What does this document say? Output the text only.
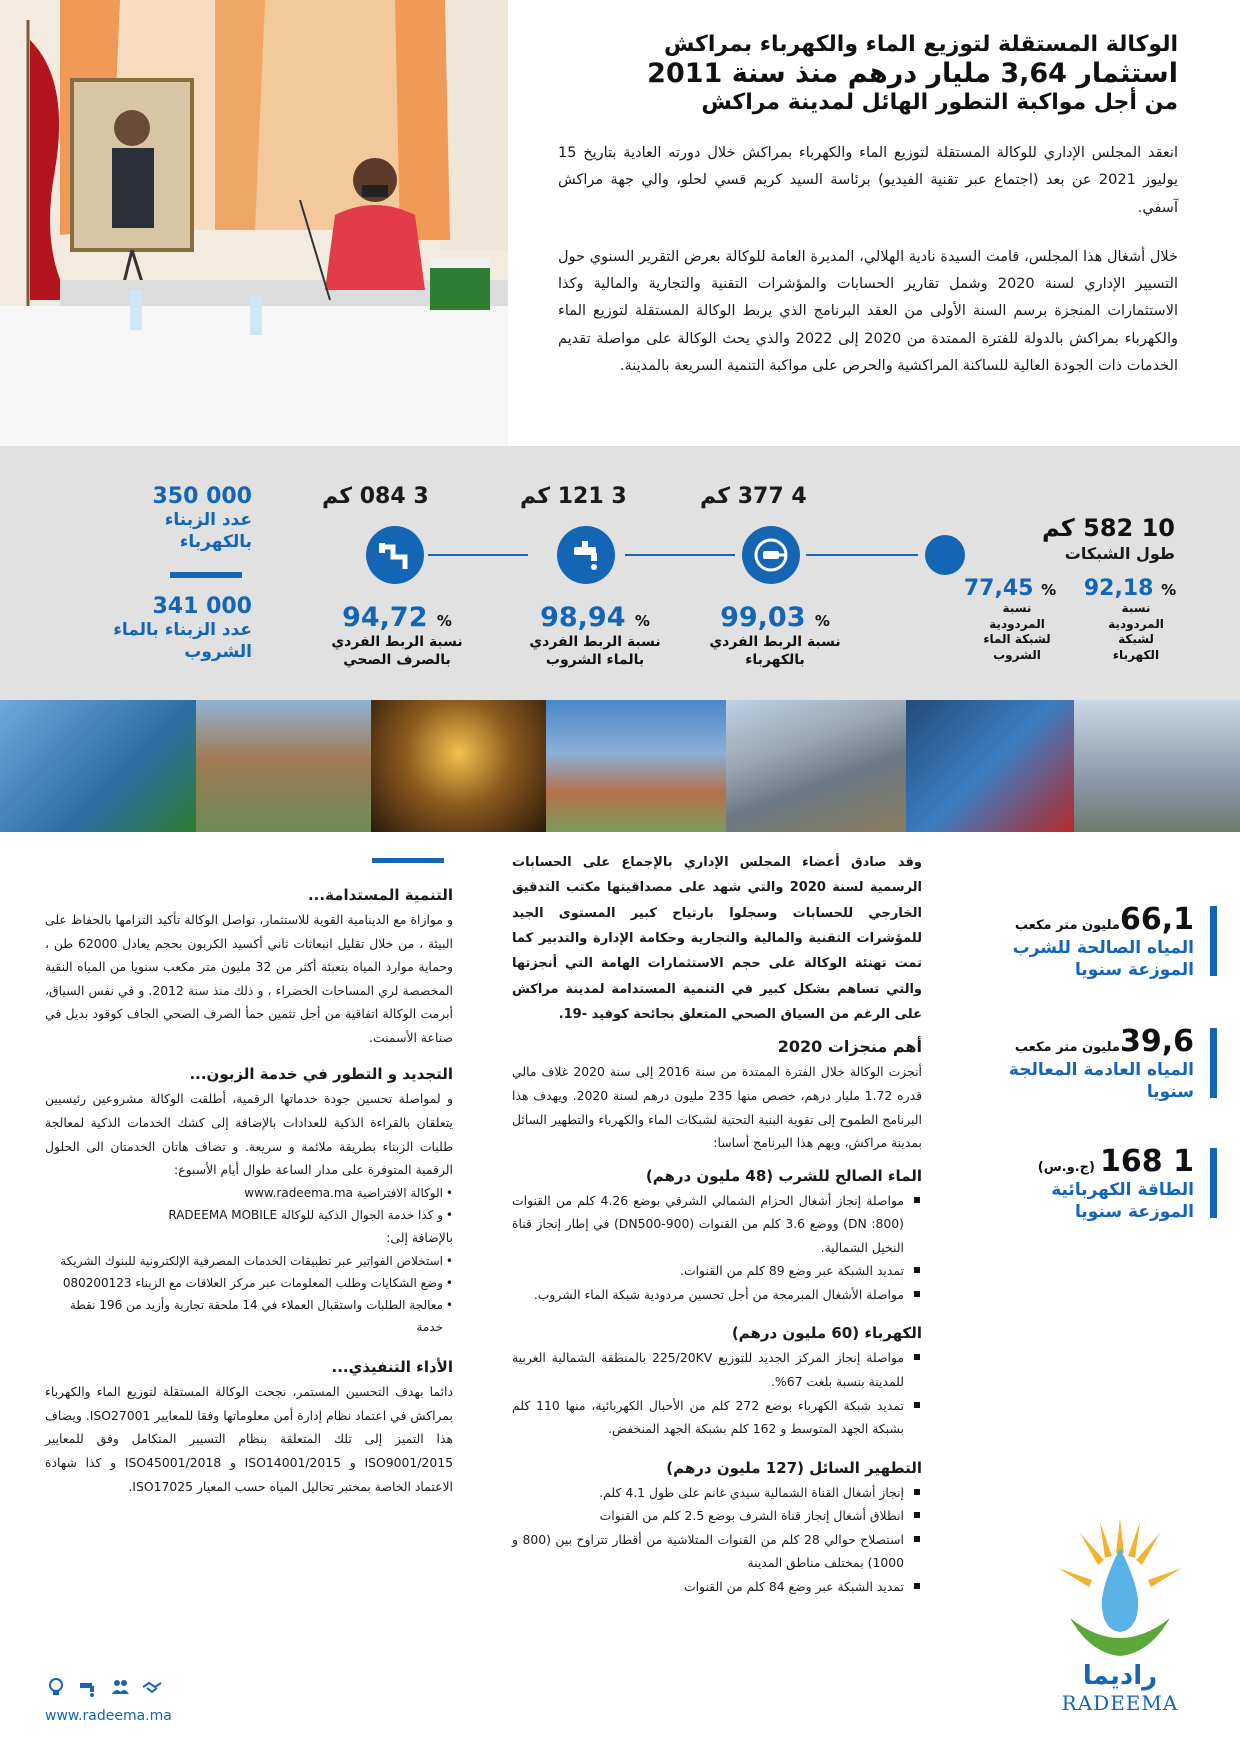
الوكالة المستقلة لتوزيع الماء والكهرباء بمراكش
استثمار 3,64 مليار درهم منذ سنة 2011
من أجل مواكبة التطور الهائل لمدينة مراكش

انعقد المجلس الإداري للوكالة المستقلة لتوزيع الماء والكهرباء بمراكش خلال دورته العادية بتاريخ 15 يوليوز 2021 عن بعد (اجتماع عبر تقنية الفيديو) برئاسة السيد كريم قسي لحلو، والي جهة مراكش آسفي.

خلال أشغال هذا المجلس، قامت السيدة نادية الهلالي، المديرة العامة للوكالة بعرض التقرير السنوي حول التسيير الإداري لسنة 2020 وشمل تقارير الحسابات والمؤشرات التقنية والتجارية والمالية وكذا الاستثمارات المنجزة برسم السنة الأولى من العقد البرنامج الذي يربط الوكالة المستقلة لتوزيع الماء والكهرباء بمراكش بالدولة للفترة الممتدة من 2020 إلى 2022 والذي يحث الوكالة على مواصلة تقديم الخدمات ذات الجودة العالية للساكنة المراكشية والحرص على مواكبة التنمية السريعة بالمدينة.

10 582 كم
طول الشبكات
4 377 كم
3 121 كم
3 084 كم
99,03 %
نسبة الربط الفردي بالكهرباء
98,94 %
نسبة الربط الفردي بالماء الشروب
94,72 %
نسبة الربط الفردي بالصرف الصحي
92,18 %
نسبة المردودية لشبكة الكهرباء
77,45 %
نسبة المردودية لشبكة الماء الشروب
350 000
عدد الزبناء بالكهرباء
341 000
عدد الزبناء بالماء الشروب
66,1مليون متر مكعب
المياه الصالحة للشرب الموزعة سنويا
39,6مليون متر مكعب
المياه العادمة المعالجة سنويا
1 168 (ج.و.س)
الطاقة الكهربائية الموزعة سنويا
راديما
RADEEMA
وقد صادق أعضاء المجلس الإداري بالإجماع على الحسابات الرسمية لسنة 2020 والتي شهد على مصداقيتها مكتب التدقيق الخارجي للحسابات وسجلوا بارتياح كبير المستوى الجيد للمؤشرات التقنية والمالية والتجارية وحكامة الإدارة والتدبير كما تمت تهنئة الوكالة على حجم الاستثمارات الهامة التي أنجزتها والتي تساهم بشكل كبير في التنمية المستدامة لمدينة مراكش على الرغم من السياق الصحي المتعلق بجائحة كوفيد -19.
أهم منجزات 2020
أنجزت الوكالة خلال الفترة الممتدة من سنة 2016 إلى سنة 2020 غلاف مالي قدره 1.72 مليار درهم، خصص منها 235 مليون درهم لسنة 2020. ويهدف هذا البرنامج الطموح إلى تقوية البنية التحتية لشبكات الماء والكهرباء والتطهير السائل بمدينة مراكش، ويهم هذا البرنامج أساسا:
الماء الصالح للشرب (48 مليون درهم)
مواصلة إنجاز أشغال الحزام الشمالي الشرقي بوضع 4.26 كلم من القنوات (DN :800) ووضع 3.6 كلم من القنوات (DN500-900) في إطار إنجاز قناة النخيل الشمالية.
تمديد الشبكة عبر وضع 89 كلم من القنوات.
مواصلة الأشغال المبرمجة من أجل تحسين مردودية شبكة الماء الشروب.
الكهرباء (60 مليون درهم)
مواصلة إنجاز المركز الجديد للتوزيع 225/20KV بالمنطقة الشمالية الغربية للمدينة بنسبة بلغت 67%.
تمديد شبكة الكهرباء بوضع 272 كلم من الأحبال الكهربائية، منها 110 كلم بشبكة الجهد المتوسط و 162 كلم بشبكة الجهد المنخفض.
التطهير السائل (127 مليون درهم)
إنجاز أشغال القناة الشمالية سيدي غانم على طول 4.1 كلم.
انطلاق أشغال إنجاز قناة الشرف بوضع 2.5 كلم من القنوات
استصلاح حوالي 28 كلم من القنوات المتلاشية من أقطار تتراوح بين (800 و 1000) بمختلف مناطق المدينة
تمديد الشبكة عبر وضع 84 كلم من القنوات
التنمية المستدامة...
و موازاة مع الدينامية القوية للاستثمار، تواصل الوكالة تأكيد التزامها بالحفاظ على البيئة ، من خلال تقليل انبعاثات ثاني أكسيد الكربون بحجم يعادل 62000 طن ، وحماية موارد المياه بتعبئة أكثر من 32 مليون متر مكعب سنويا من المياه النقية المخصصة لري المساحات الخضراء ، و ذلك منذ سنة 2012. و في نفس السياق، أبرمت الوكالة اتفاقية من أجل تثمين حمأ الصرف الصحي الجاف كوقود بديل في صناعة الأسمنت.
التجديد و التطور في خدمة الزبون...
و لمواصلة تحسين جودة خدماتها الرقمية، أطلقت الوكالة مشروعين رئيسيين يتعلقان بالقراءة الذكية للعدادات بالإضافة إلى كشك الخدمات الذكية لمعالجة طلبات الزبناء بطريقة ملائمة و سريعة. و تضاف هاتان الخدمتان الى الحلول الرقمية المتوفرة على مدار الساعة طوال أيام الأسبوع:
• الوكالة الافتراضية www.radeema.ma
• و كذا خدمة الجوال الذكية للوكالة RADEEMA MOBILE
بالإضافة إلى:
• استخلاص الفواتير عبر تطبيقات الخدمات المصرفية الإلكترونية للبنوك الشريكة
• وضع الشكايات وطلب المعلومات عبر مركز العلاقات مع الزبناء 080200123
• معالجة الطلبات واستقبال العملاء في 14 ملحقة تجارية وأزيد من 196 نقطة خدمة
الأداء التنفيذي...
دائما بهدف التحسين المستمر، نجحت الوكالة المستقلة لتوزيع الماء والكهرباء بمراكش في اعتماد نظام إدارة أمن معلوماتها وفقا للمعايير ISO27001. ويضاف هذا التميز إلى تلك المتعلقة بنظام التسيير المتكامل وفق للمعايير ISO9001/2015 و ISO14001/2015 و ISO45001/2018 و كذا شهادة الاعتماد الخاصة بمختبر تحاليل المياه حسب المعيار ISO17025.
www.radeema.ma
